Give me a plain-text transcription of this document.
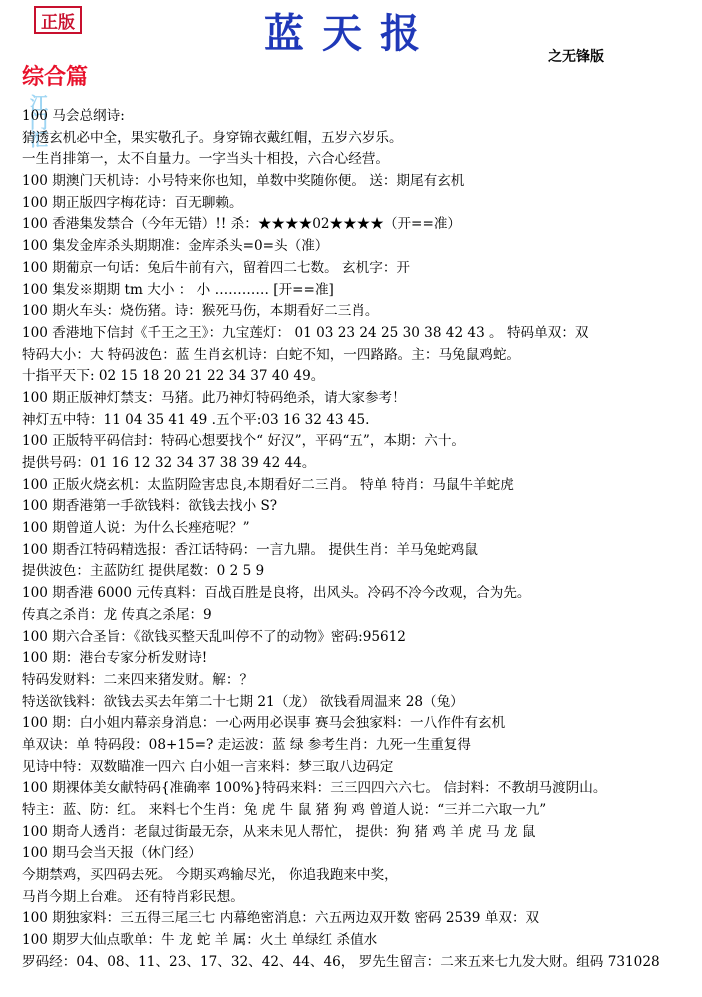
正版	蓝天报	之无锋版
综合篇
江门汇
100 马会总纲诗:
猜透玄机必中全，果实敬孔子。身穿锦衣戴红帽，五岁六岁乐。
一生肖排第一，太不自量力。一字当头十相投，六合心经营。
100 期澳门天机诗：小号特来你也知，单数中奖随你便。 送：期尾有玄机
100 期正版四字梅花诗：百无聊赖。
100 香港集发禁合（今年无错）!! 杀：★★★★02★★★★（开==准）
100 集发金库杀头期期准：金库杀头=0=头（准）
100 期葡京一句话：兔后牛前有六，留着四二七数。 玄机字：开
100 集发※期期 tm 大小 ： 小 ………… [开==准]
100 期火车头：烧伤猪。诗：猴死马伤，本期看好二三肖。
100 香港地下信封《千王之王》：九宝莲灯： 01 03 23 24 25 30 38 42 43 。 特码单双：双
特码大小：大 特码波色：蓝 生肖玄机诗：白蛇不知，一四路路。主：马兔鼠鸡蛇。
十指平天下: 02 15 18 20 21 22 34 37 40 49。
100 期正版神灯禁支：马猪。此乃神灯特码绝杀，请大家参考！
神灯五中特：11 04 35 41 49 .五个平:03 16 32 43 45.
100 正版特平码信封：特码心想要找个“ 好汉”，平码“五”，本期：六十。
提供号码：01 16 12 32 34 37 38 39 42 44。
100 正版火烧玄机：太监阴险害忠良,本期看好二三肖。 特单 特肖：马鼠牛羊蛇虎
100 期香港第一手欲钱料：欲钱去找小 S?
100 期曾道人说：为什么长痤疮呢？”
100 期香江特码精选报：香江话特码：一言九鼎。 提供生肖：羊马兔蛇鸡鼠
提供波色：主蓝防红 提供尾数：0 2 5 9
100 期香港 6000 元传真料：百战百胜是良将，出风头。冷码不冷今改观，合为先。
传真之杀肖：龙 传真之杀尾：9
100 期六合圣旨：《欲钱买整天乱叫停不了的动物》密码:95612
100 期：港台专家分析发财诗!
特码发财料：二来四来猪发财。解：？
特送欲钱料：欲钱去买去年第二十七期 21（龙） 欲钱看周温来 28（兔）
100 期：白小姐内幕亲身消息：一心两用必误事 赛马会独家料：一八作件有玄机
单双诀：单 特码段：08+15=? 走运波：蓝 绿 参考生肖：九死一生重复得
见诗中特：双数瞄准一四六 白小姐一言来料：梦三取八边码定
100 期裸体美女献特码{准确率 100%}特码来料：三三四四六六七。 信封料：不教胡马渡阴山。
特主：蓝、防：红。 来料七个生肖：兔 虎 牛 鼠 猪 狗 鸡 曾道人说：“三并二六取一九”
100 期奇人透肖：老鼠过街最无奈，从来未见人帮忙， 提供：狗 猪 鸡 羊 虎 马 龙 鼠
100 期马会当天报（休门经）
今期禁鸡，买四码去死。 今期买鸡输尽光， 你追我跑来中奖，
马肖今期上台难。 还有特肖彩民想。
100 期独家料：三五得三尾三七 内幕绝密消息：六五两边双开数 密码 2539 单双：双
100 期罗大仙点歌单：牛 龙 蛇 羊 属：火土 单绿红 杀值水
罗码经：04、08、11、23、17、32、42、44、46， 罗先生留言：二来五来七九发大财。组码 731028
